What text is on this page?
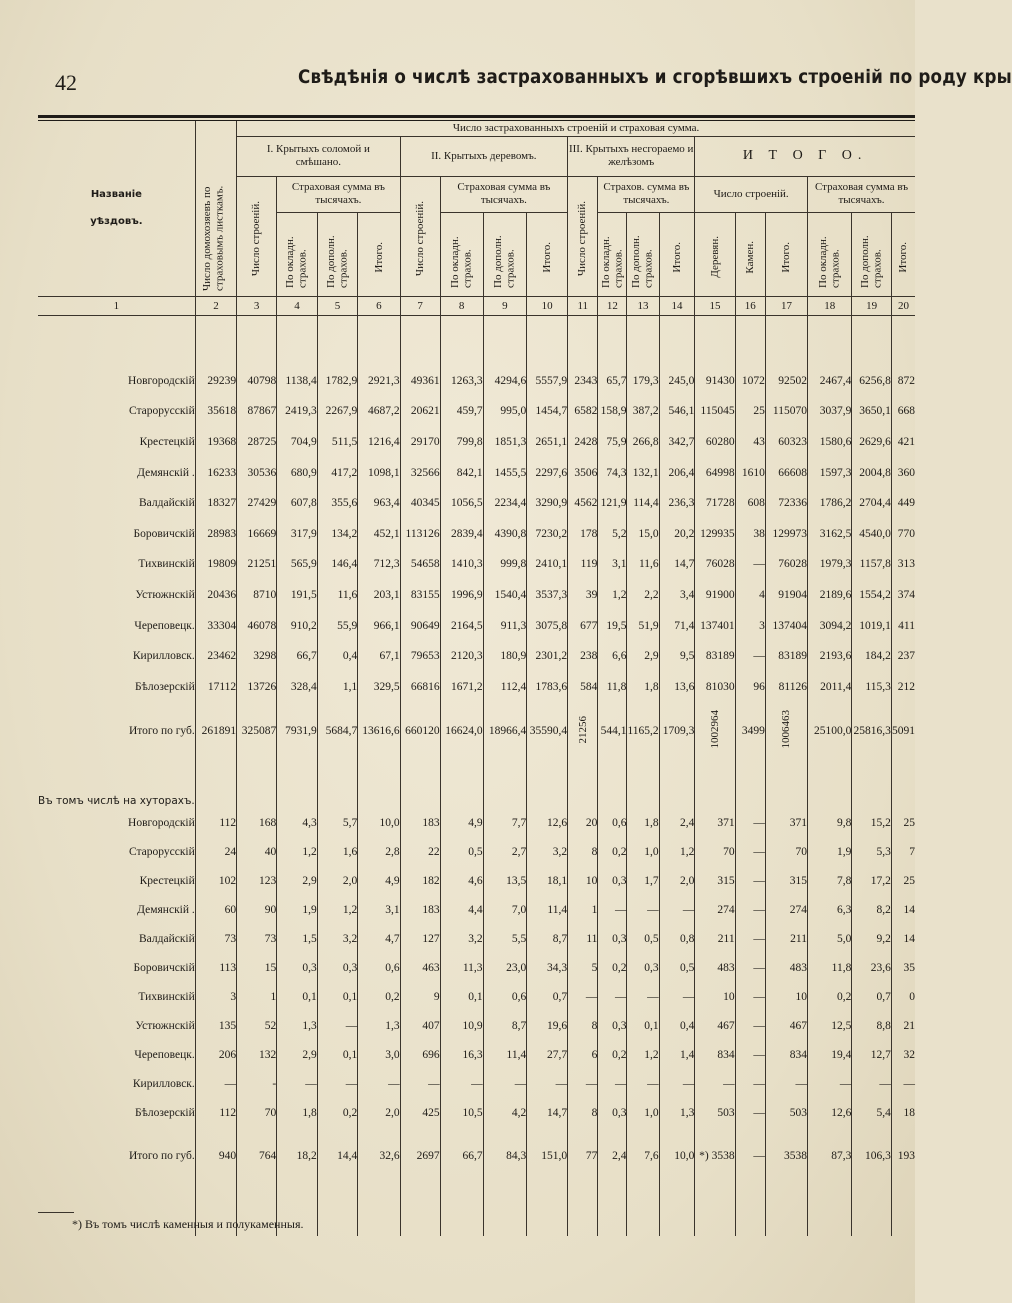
42	Свѣдѣнія о числѣ застрахованныхъ и сгорѣвшихъ строеній по роду кры
Названіе
уѣздовъ.	Число домохозяевъ по страховымъ листкамъ.	Число застрахованныхъ строеній и страховая сумма.																	
		I. Крытыхъ соломой и смѣшано.				II. Крытыхъ деревомъ.				III. Крытыхъ несгораемо и желѣзомъ				И Т О Г О.					

		Число строеній.	Страховая сумма въ тысячахъ.			Число строеній.	Страховая сумма въ тысячахъ.			Число строеній.	Страхов. сумма въ тысячахъ.			Число строеній.			Страховая сумма въ тысячахъ.		

			По окладн. страхов.	По дополн. страхов.	Итого.		По окладн. страхов.	По дополн. страхов.	Итого.		По окладн. страхов.	По дополн. страхов.	Итого.	Деревян.	Камен.	Итого.	По окладн. страхов.	По дополн. страхов.	Итого.

1	2	3	4	5	6	7	8	9	10	11	12	13	14	15	16	17	18	19	20

Новгородскій	29239	40798	1138,4	1782,9	2921,3	49361	1263,3	4294,6	5557,9	2343	65,7	179,3	245,0	91430	1072	92502	2467,4	6256,8	872
Старорусскій	35618	87867	2419,3	2267,9	4687,2	20621	459,7	995,0	1454,7	6582	158,9	387,2	546,1	115045	25	115070	3037,9	3650,1	668
Крестецкій	19368	28725	704,9	511,5	1216,4	29170	799,8	1851,3	2651,1	2428	75,9	266,8	342,7	60280	43	60323	1580,6	2629,6	421
Демянскій .	16233	30536	680,9	417,2	1098,1	32566	842,1	1455,5	2297,6	3506	74,3	132,1	206,4	64998	1610	66608	1597,3	2004,8	360
Валдайскій	18327	27429	607,8	355,6	963,4	40345	1056,5	2234,4	3290,9	4562	121,9	114,4	236,3	71728	608	72336	1786,2	2704,4	449
Боровичскій	28983	16669	317,9	134,2	452,1	113126	2839,4	4390,8	7230,2	178	5,2	15,0	20,2	129935	38	129973	3162,5	4540,0	770
Тихвинскій	19809	21251	565,9	146,4	712,3	54658	1410,3	999,8	2410,1	119	3,1	11,6	14,7	76028	—	76028	1979,3	1157,8	313
Устюжнскій	20436	8710	191,5	11,6	203,1	83155	1996,9	1540,4	3537,3	39	1,2	2,2	3,4	91900	4	91904	2189,6	1554,2	374
Череповецк.	33304	46078	910,2	55,9	966,1	90649	2164,5	911,3	3075,8	677	19,5	51,9	71,4	137401	3	137404	3094,2	1019,1	411
Кирилловск.	23462	3298	66,7	0,4	67,1	79653	2120,3	180,9	2301,2	238	6,6	2,9	9,5	83189	—	83189	2193,6	184,2	237
Бѣлозерскій	17112	13726	328,4	1,1	329,5	66816	1671,2	112,4	1783,6	584	11,8	1,8	13,6	81030	96	81126	2011,4	115,3	212
Итого по губ.	261891	325087	7931,9	5684,7	13616,6	660120	16624,0	18966,4	35590,4	21256	544,1	1165,2	1709,3	1002964	3499	1006463	25100,0	25816,3	5091
Въ томъ числѣ на хуторахъ.																			
Новгородскій	112	168	4,3	5,7	10,0	183	4,9	7,7	12,6	20	0,6	1,8	2,4	371	—	371	9,8	15,2	25
Старорусскій	24	40	1,2	1,6	2,8	22	0,5	2,7	3,2	8	0,2	1,0	1,2	70	—	70	1,9	5,3	7
Крестецкій	102	123	2,9	2,0	4,9	182	4,6	13,5	18,1	10	0,3	1,7	2,0	315	—	315	7,8	17,2	25
Демянскій .	60	90	1,9	1,2	3,1	183	4,4	7,0	11,4	1	—	—	—	274	—	274	6,3	8,2	14
Валдайскій	73	73	1,5	3,2	4,7	127	3,2	5,5	8,7	11	0,3	0,5	0,8	211	—	211	5,0	9,2	14
Боровичскій	113	15	0,3	0,3	0,6	463	11,3	23,0	34,3	5	0,2	0,3	0,5	483	—	483	11,8	23,6	35
Тихвинскій	3	1	0,1	0,1	0,2	9	0,1	0,6	0,7	—	—	—	—	10	—	10	0,2	0,7	0
Устюжнскій	135	52	1,3	—	1,3	407	10,9	8,7	19,6	8	0,3	0,1	0,4	467	—	467	12,5	8,8	21
Череповецк.	206	132	2,9	0,1	3,0	696	16,3	11,4	27,7	6	0,2	1,2	1,4	834	—	834	19,4	12,7	32
Кирилловск.	—	-	—	—	—	—	—	—	—	—	—	—	—	—	—	—	—	—	—
Бѣлозерскій	112	70	1,8	0,2	2,0	425	10,5	4,2	14,7	8	0,3	1,0	1,3	503	—	503	12,6	5,4	18

Итого по губ.	940	764	18,2	14,4	32,6	2697	66,7	84,3	151,0	77	2,4	7,6	10,0	*) 3538	—	3538	87,3	106,3	193

*) Въ томъ числѣ каменныя и полукаменныя.
